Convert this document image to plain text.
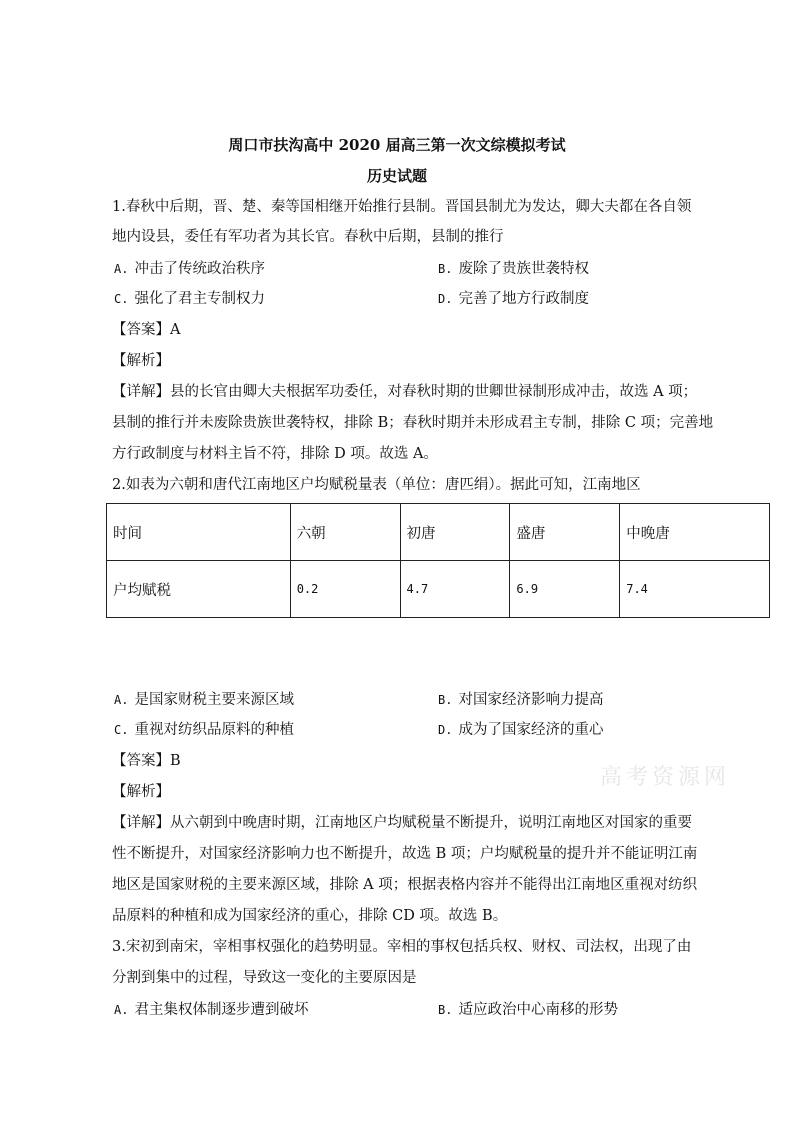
周口市扶沟高中 2020 届高三第一次文综模拟考试
历史试题
1.春秋中后期，晋、楚、秦等国相继开始推行县制。晋国县制尤为发达，卿大夫都在各自领
地内设县，委任有军功者为其长官。春秋中后期，县制的推行
A. 冲击了传统政治秩序	B. 废除了贵族世袭特权
C. 强化了君主专制权力	D. 完善了地方行政制度
【答案】A
【解析】
【详解】县的长官由卿大夫根据军功委任，对春秋时期的世卿世禄制形成冲击，故选 A 项；
县制的推行并未废除贵族世袭特权，排除 B；春秋时期并未形成君主专制，排除 C 项；完善地
方行政制度与材料主旨不符，排除 D 项。故选 A。
2.如表为六朝和唐代江南地区户均赋税量表（单位：唐匹绢）。据此可知，江南地区
时间	六朝	初唐	盛唐	中晚唐
户均赋税	0.2	4.7	6.9	7.4
A. 是国家财税主要来源区域	B. 对国家经济影响力提高
C. 重视对纺织品原料的种植	D. 成为了国家经济的重心
【答案】B
【解析】
【详解】从六朝到中晚唐时期，江南地区户均赋税量不断提升，说明江南地区对国家的重要
性不断提升，对国家经济影响力也不断提升，故选 B 项；户均赋税量的提升并不能证明江南
地区是国家财税的主要来源区域，排除 A 项；根据表格内容并不能得出江南地区重视对纺织
品原料的种植和成为国家经济的重心，排除 CD 项。故选 B。
3.宋初到南宋，宰相事权强化的趋势明显。宰相的事权包括兵权、财权、司法权，出现了由
分割到集中的过程，导致这一变化的主要原因是
A. 君主集权体制逐步遭到破坏	B. 适应政治中心南移的形势
高考资源网
